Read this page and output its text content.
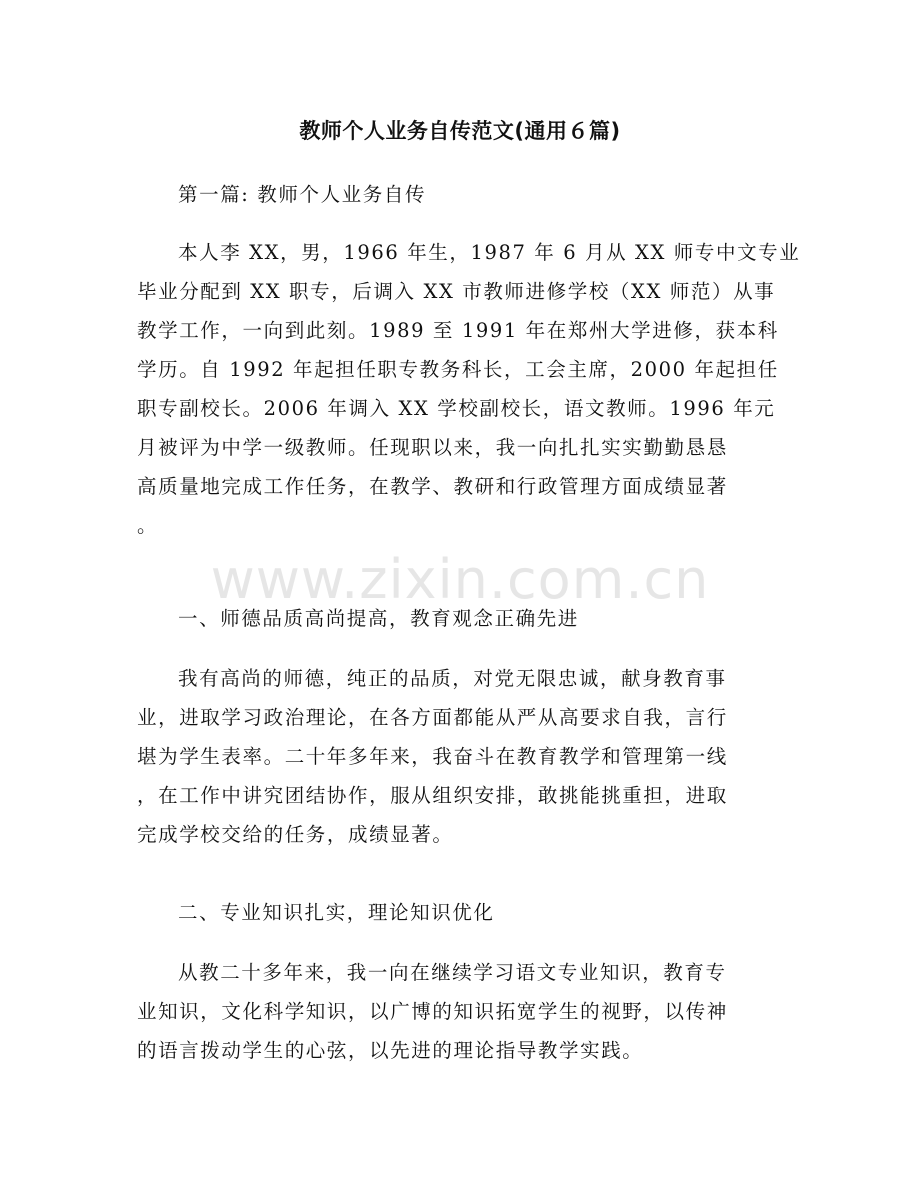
教师个人业务自传范文(通用６篇)
第一篇: 教师个人业务自传
本人李 XX，男，1966 年生，1987 年 6 月从 XX 师专中文专业
毕业分配到 XX 职专，后调入 XX 市教师进修学校（XX 师范）从事
教学工作，一向到此刻。1989 至 1991 年在郑州大学进修，获本科
学历。自 1992 年起担任职专教务科长，工会主席，2000 年起担任
职专副校长。2006 年调入 XX 学校副校长，语文教师。1996 年元
月被评为中学一级教师。任现职以来，我一向扎扎实实勤勤恳恳
高质量地完成工作任务，在教学、教研和行政管理方面成绩显著
。
一、师德品质高尚提高，教育观念正确先进
我有高尚的师德，纯正的品质，对党无限忠诚，献身教育事
业，进取学习政治理论，在各方面都能从严从高要求自我，言行
堪为学生表率。二十年多年来，我奋斗在教育教学和管理第一线
，在工作中讲究团结协作，服从组织安排，敢挑能挑重担，进取
完成学校交给的任务，成绩显著。
二、专业知识扎实，理论知识优化
从教二十多年来，我一向在继续学习语文专业知识，教育专
业知识，文化科学知识，以广博的知识拓宽学生的视野，以传神
的语言拨动学生的心弦，以先进的理论指导教学实践。
www.zixin.com.cn
